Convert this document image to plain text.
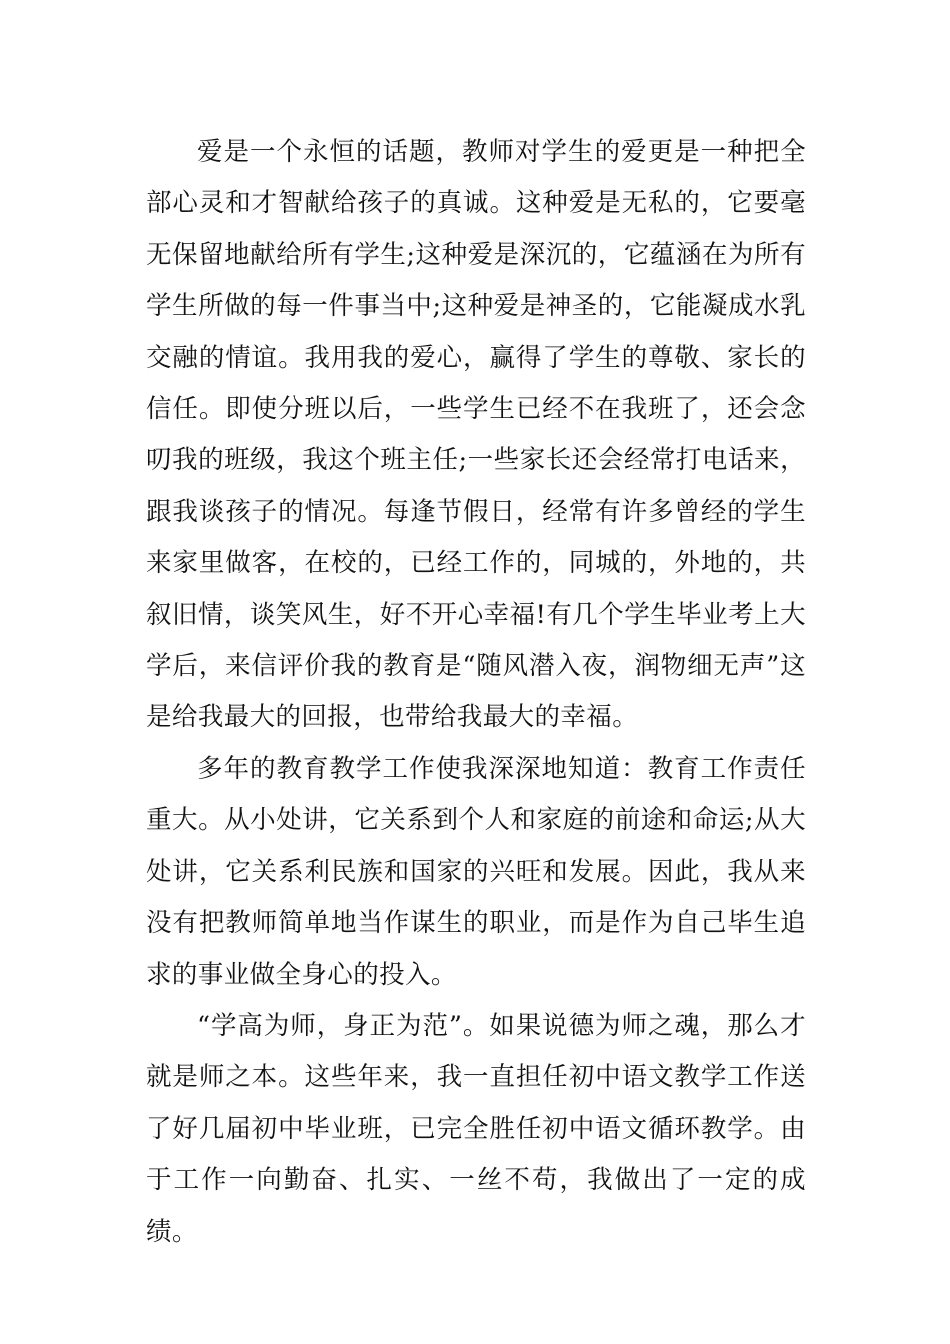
爱是一个永恒的话题，教师对学生的爱更是一种把全部心灵和才智献给孩子的真诚。这种爱是无私的，它要毫无保留地献给所有学生;这种爱是深沉的，它蕴涵在为所有学生所做的每一件事当中;这种爱是神圣的，它能凝成水乳交融的情谊。我用我的爱心，赢得了学生的尊敬、家长的信任。即使分班以后，一些学生已经不在我班了，还会念叨我的班级，我这个班主任;一些家长还会经常打电话来，跟我谈孩子的情况。每逢节假日，经常有许多曾经的学生来家里做客，在校的，已经工作的，同城的，外地的，共叙旧情，谈笑风生，好不开心幸福!有几个学生毕业考上大学后，来信评价我的教育是“随风潜入夜，润物细无声”这是给我最大的回报，也带给我最大的幸福。

多年的教育教学工作使我深深地知道：教育工作责任重大。从小处讲，它关系到个人和家庭的前途和命运;从大处讲，它关系利民族和国家的兴旺和发展。因此，我从来没有把教师简单地当作谋生的职业，而是作为自己毕生追求的事业做全身心的投入。

“学高为师，身正为范”。如果说德为师之魂，那么才就是师之本。这些年来，我一直担任初中语文教学工作送了好几届初中毕业班，已完全胜任初中语文循环教学。由于工作一向勤奋、扎实、一丝不苟，我做出了一定的成绩。
